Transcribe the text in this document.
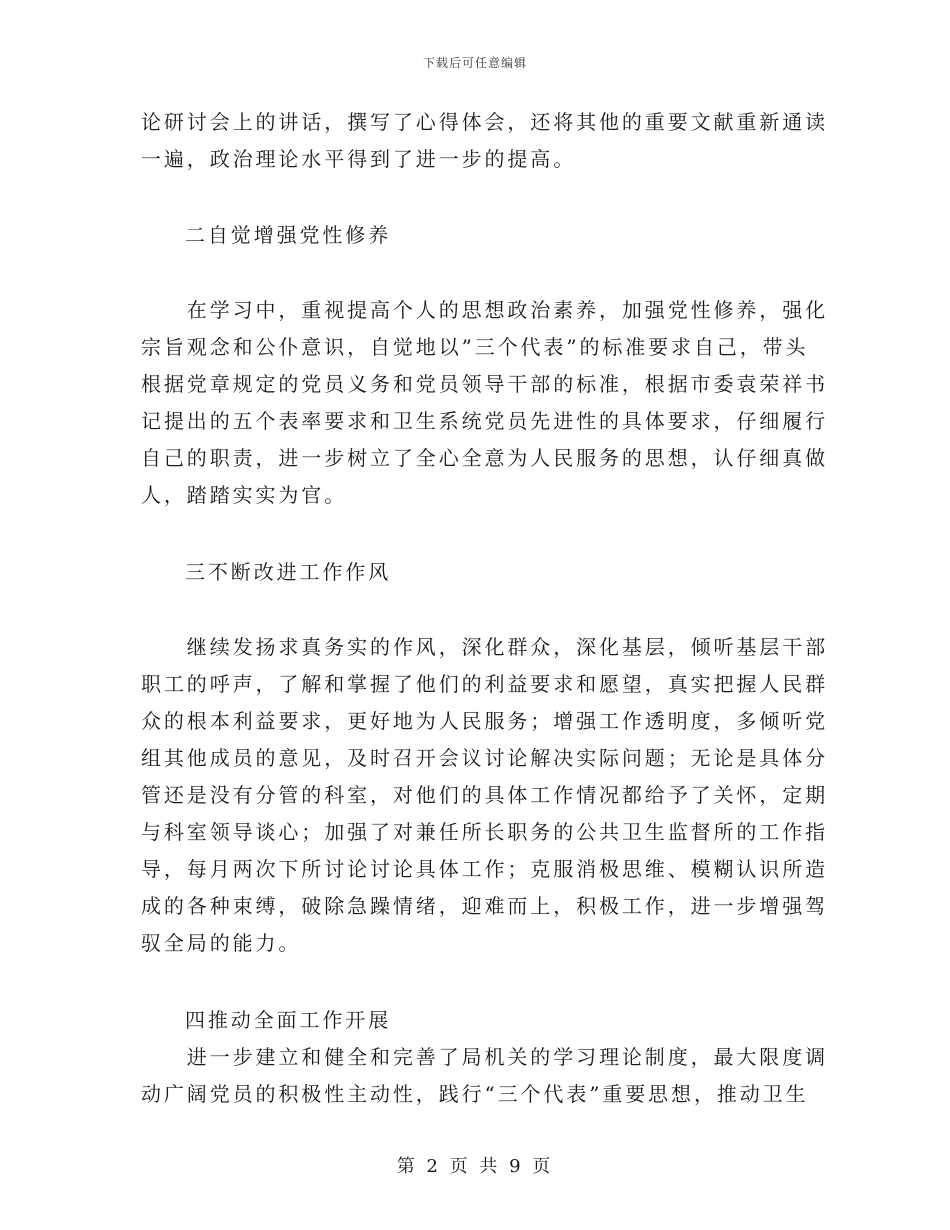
下载后可任意编辑
论研讨会上的讲话，撰写了心得体会，还将其他的重要文献重新通读
一遍，政治理论水平得到了进一步的提高。
二自觉增强党性修养
　　在学习中，重视提高个人的思想政治素养，加强党性修养，强化
宗旨观念和公仆意识，自觉地以”三个代表”的标准要求自己，带头
根据党章规定的党员义务和党员领导干部的标准，根据市委袁荣祥书
记提出的五个表率要求和卫生系统党员先进性的具体要求，仔细履行
自己的职责，进一步树立了全心全意为人民服务的思想，认仔细真做
人，踏踏实实为官。
三不断改进工作作风
　　继续发扬求真务实的作风，深化群众，深化基层，倾听基层干部
职工的呼声，了解和掌握了他们的利益要求和愿望，真实把握人民群
众的根本利益要求，更好地为人民服务；增强工作透明度，多倾听党
组其他成员的意见，及时召开会议讨论解决实际问题；无论是具体分
管还是没有分管的科室，对他们的具体工作情况都给予了关怀，定期
与科室领导谈心；加强了对兼任所长职务的公共卫生监督所的工作指
导，每月两次下所讨论讨论具体工作；克服消极思维、模糊认识所造
成的各种束缚，破除急躁情绪，迎难而上，积极工作，进一步增强驾
驭全局的能力。
四推动全面工作开展
　　进一步建立和健全和完善了局机关的学习理论制度，最大限度调
动广阔党员的积极性主动性，践行“三个代表”重要思想，推动卫生
第 2 页 共 9 页
